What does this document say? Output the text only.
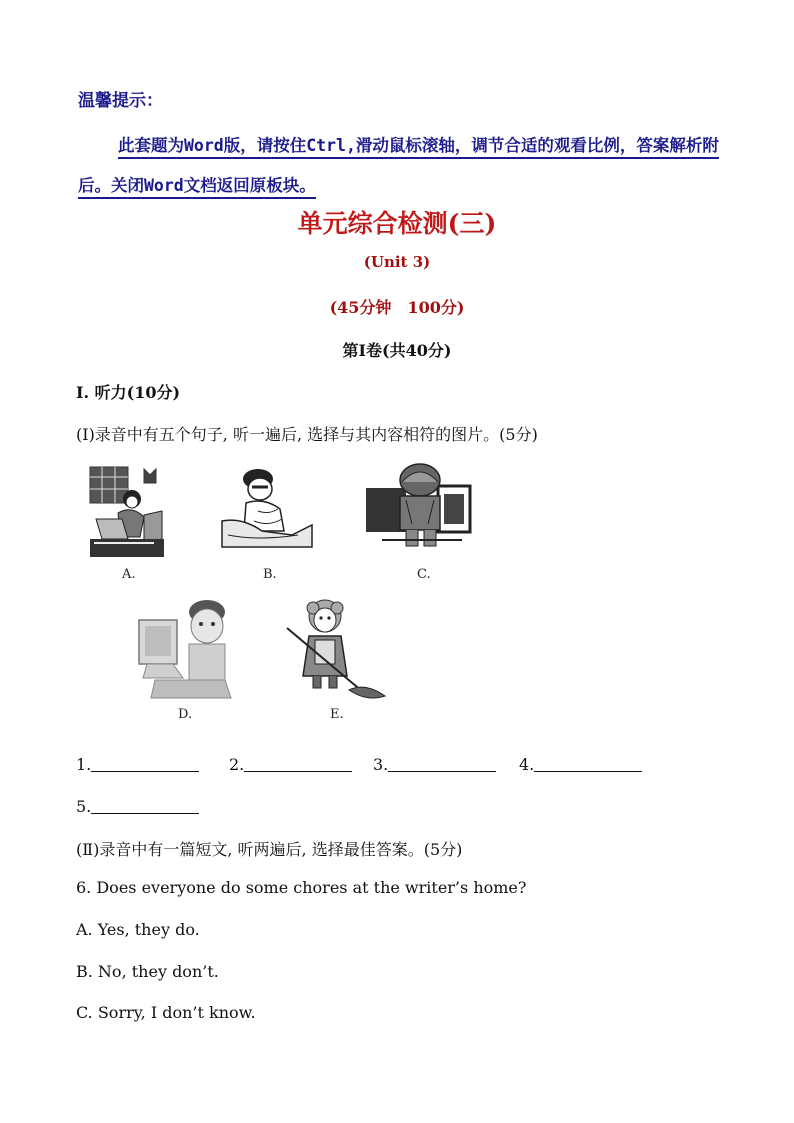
温馨提示：
此套题为Word版，请按住Ctrl,滑动鼠标滚轴，调节合适的观看比例，答案解析附后。关闭Word文档返回原板块。
单元综合检测(三)
(Unit 3)
(45分钟　100分)
第Ⅰ卷(共40分)
Ⅰ. 听力(10分)
(Ⅰ)录音中有五个句子, 听一遍后, 选择与其内容相符的图片。(5分)
A.	B.	C.
D.	E.
1.	2.	3.	4.
5.
(Ⅱ)录音中有一篇短文, 听两遍后, 选择最佳答案。(5分)
6. Does everyone do some chores at the writer’s home?
A. Yes, they do.
B. No, they don’t.
C. Sorry, I don’t know.
